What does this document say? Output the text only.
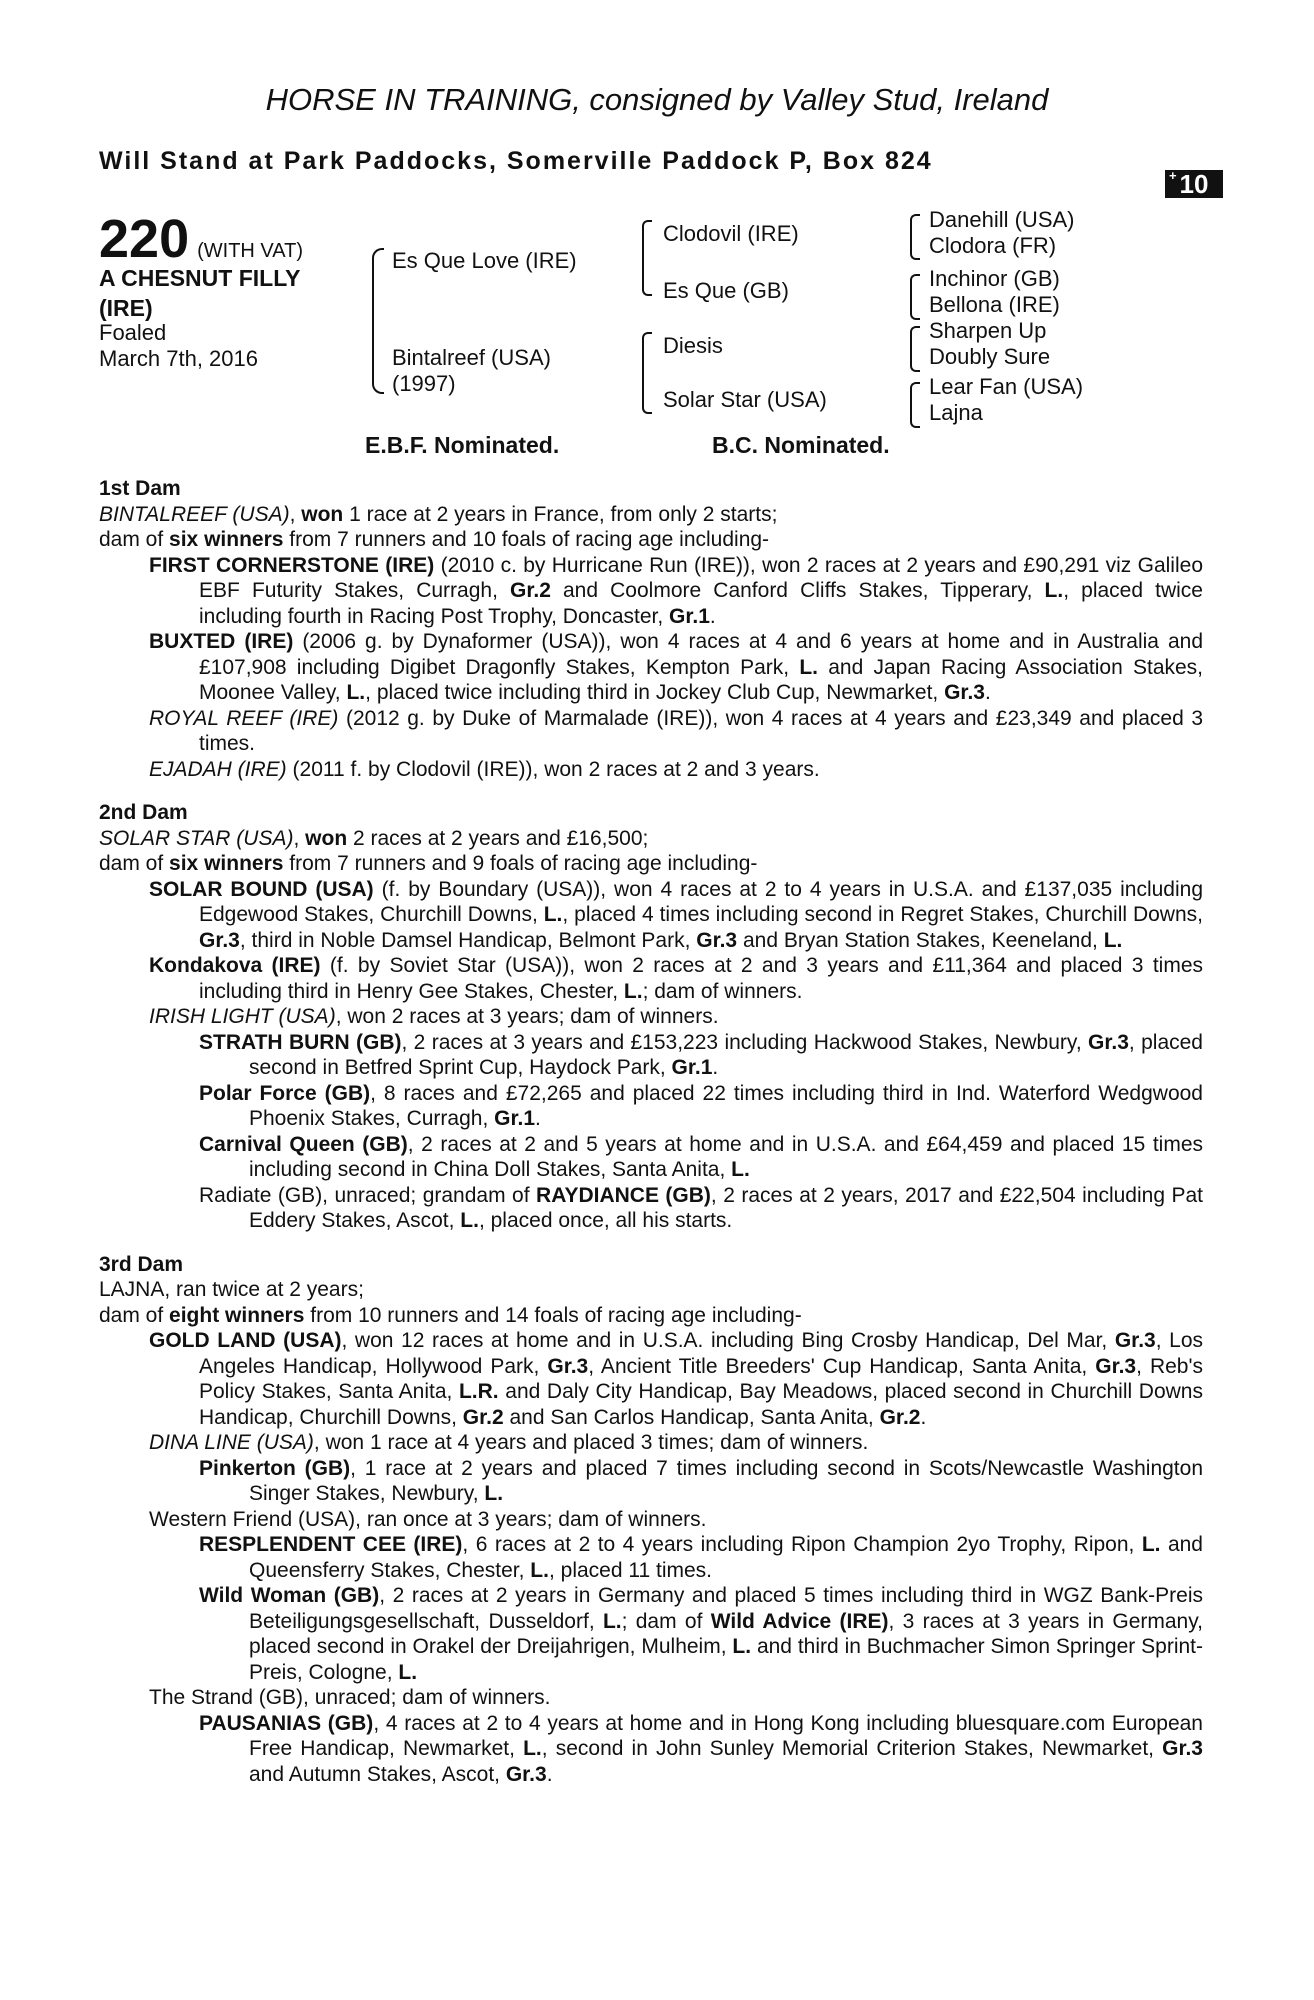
HORSE IN TRAINING, consigned by Valley Stud, Ireland
Will Stand at Park Paddocks, Somerville Paddock P, Box 824
+ 10
220 (WITH VAT)
A CHESNUT FILLY
(IRE)
Foaled
March 7th, 2016
Es Que Love (IRE)
Bintalreef (USA)
(1997)
Clodovil (IRE)
Es Que (GB)
Diesis
Solar Star (USA)
Danehill (USA)
Clodora (FR)
Inchinor (GB)
Bellona (IRE)
Sharpen Up
Doubly Sure
Lear Fan (USA)
Lajna
E.B.F. Nominated.	B.C. Nominated.
1st Dam
BINTALREEF (USA), won 1 race at 2 years in France, from only 2 starts;
dam of six winners from 7 runners and 10 foals of racing age including-
FIRST CORNERSTONE (IRE) (2010 c. by Hurricane Run (IRE)), won 2 races at 2 years and £90,291 viz Galileo EBF Futurity Stakes, Curragh, Gr.2 and Coolmore Canford Cliffs Stakes, Tipperary, L., placed twice including fourth in Racing Post Trophy, Doncaster, Gr.1.
BUXTED (IRE) (2006 g. by Dynaformer (USA)), won 4 races at 4 and 6 years at home and in Australia and £107,908 including Digibet Dragonfly Stakes, Kempton Park, L. and Japan Racing Association Stakes, Moonee Valley, L., placed twice including third in Jockey Club Cup, Newmarket, Gr.3.
ROYAL REEF (IRE) (2012 g. by Duke of Marmalade (IRE)), won 4 races at 4 years and £23,349 and placed 3 times.
EJADAH (IRE) (2011 f. by Clodovil (IRE)), won 2 races at 2 and 3 years.
2nd Dam
SOLAR STAR (USA), won 2 races at 2 years and £16,500;
dam of six winners from 7 runners and 9 foals of racing age including-
SOLAR BOUND (USA) (f. by Boundary (USA)), won 4 races at 2 to 4 years in U.S.A. and £137,035 including Edgewood Stakes, Churchill Downs, L., placed 4 times including second in Regret Stakes, Churchill Downs, Gr.3, third in Noble Damsel Handicap, Belmont Park, Gr.3 and Bryan Station Stakes, Keeneland, L.
Kondakova (IRE) (f. by Soviet Star (USA)), won 2 races at 2 and 3 years and £11,364 and placed 3 times including third in Henry Gee Stakes, Chester, L.; dam of winners.
IRISH LIGHT (USA), won 2 races at 3 years; dam of winners.
STRATH BURN (GB), 2 races at 3 years and £153,223 including Hackwood Stakes, Newbury, Gr.3, placed second in Betfred Sprint Cup, Haydock Park, Gr.1.
Polar Force (GB), 8 races and £72,265 and placed 22 times including third in Ind. Waterford Wedgwood Phoenix Stakes, Curragh, Gr.1.
Carnival Queen (GB), 2 races at 2 and 5 years at home and in U.S.A. and £64,459 and placed 15 times including second in China Doll Stakes, Santa Anita, L.
Radiate (GB), unraced; grandam of RAYDIANCE (GB), 2 races at 2 years, 2017 and £22,504 including Pat Eddery Stakes, Ascot, L., placed once, all his starts.
3rd Dam
LAJNA, ran twice at 2 years;
dam of eight winners from 10 runners and 14 foals of racing age including-
GOLD LAND (USA), won 12 races at home and in U.S.A. including Bing Crosby Handicap, Del Mar, Gr.3, Los Angeles Handicap, Hollywood Park, Gr.3, Ancient Title Breeders' Cup Handicap, Santa Anita, Gr.3, Reb's Policy Stakes, Santa Anita, L.R. and Daly City Handicap, Bay Meadows, placed second in Churchill Downs Handicap, Churchill Downs, Gr.2 and San Carlos Handicap, Santa Anita, Gr.2.
DINA LINE (USA), won 1 race at 4 years and placed 3 times; dam of winners.
Pinkerton (GB), 1 race at 2 years and placed 7 times including second in Scots/Newcastle Washington Singer Stakes, Newbury, L.
Western Friend (USA), ran once at 3 years; dam of winners.
RESPLENDENT CEE (IRE), 6 races at 2 to 4 years including Ripon Champion 2yo Trophy, Ripon, L. and Queensferry Stakes, Chester, L., placed 11 times.
Wild Woman (GB), 2 races at 2 years in Germany and placed 5 times including third in WGZ Bank-Preis Beteiligungsgesellschaft, Dusseldorf, L.; dam of Wild Advice (IRE), 3 races at 3 years in Germany, placed second in Orakel der Dreijahrigen, Mulheim, L. and third in Buchmacher Simon Springer Sprint-Preis, Cologne, L.
The Strand (GB), unraced; dam of winners.
PAUSANIAS (GB), 4 races at 2 to 4 years at home and in Hong Kong including bluesquare.com European Free Handicap, Newmarket, L., second in John Sunley Memorial Criterion Stakes, Newmarket, Gr.3 and Autumn Stakes, Ascot, Gr.3.
